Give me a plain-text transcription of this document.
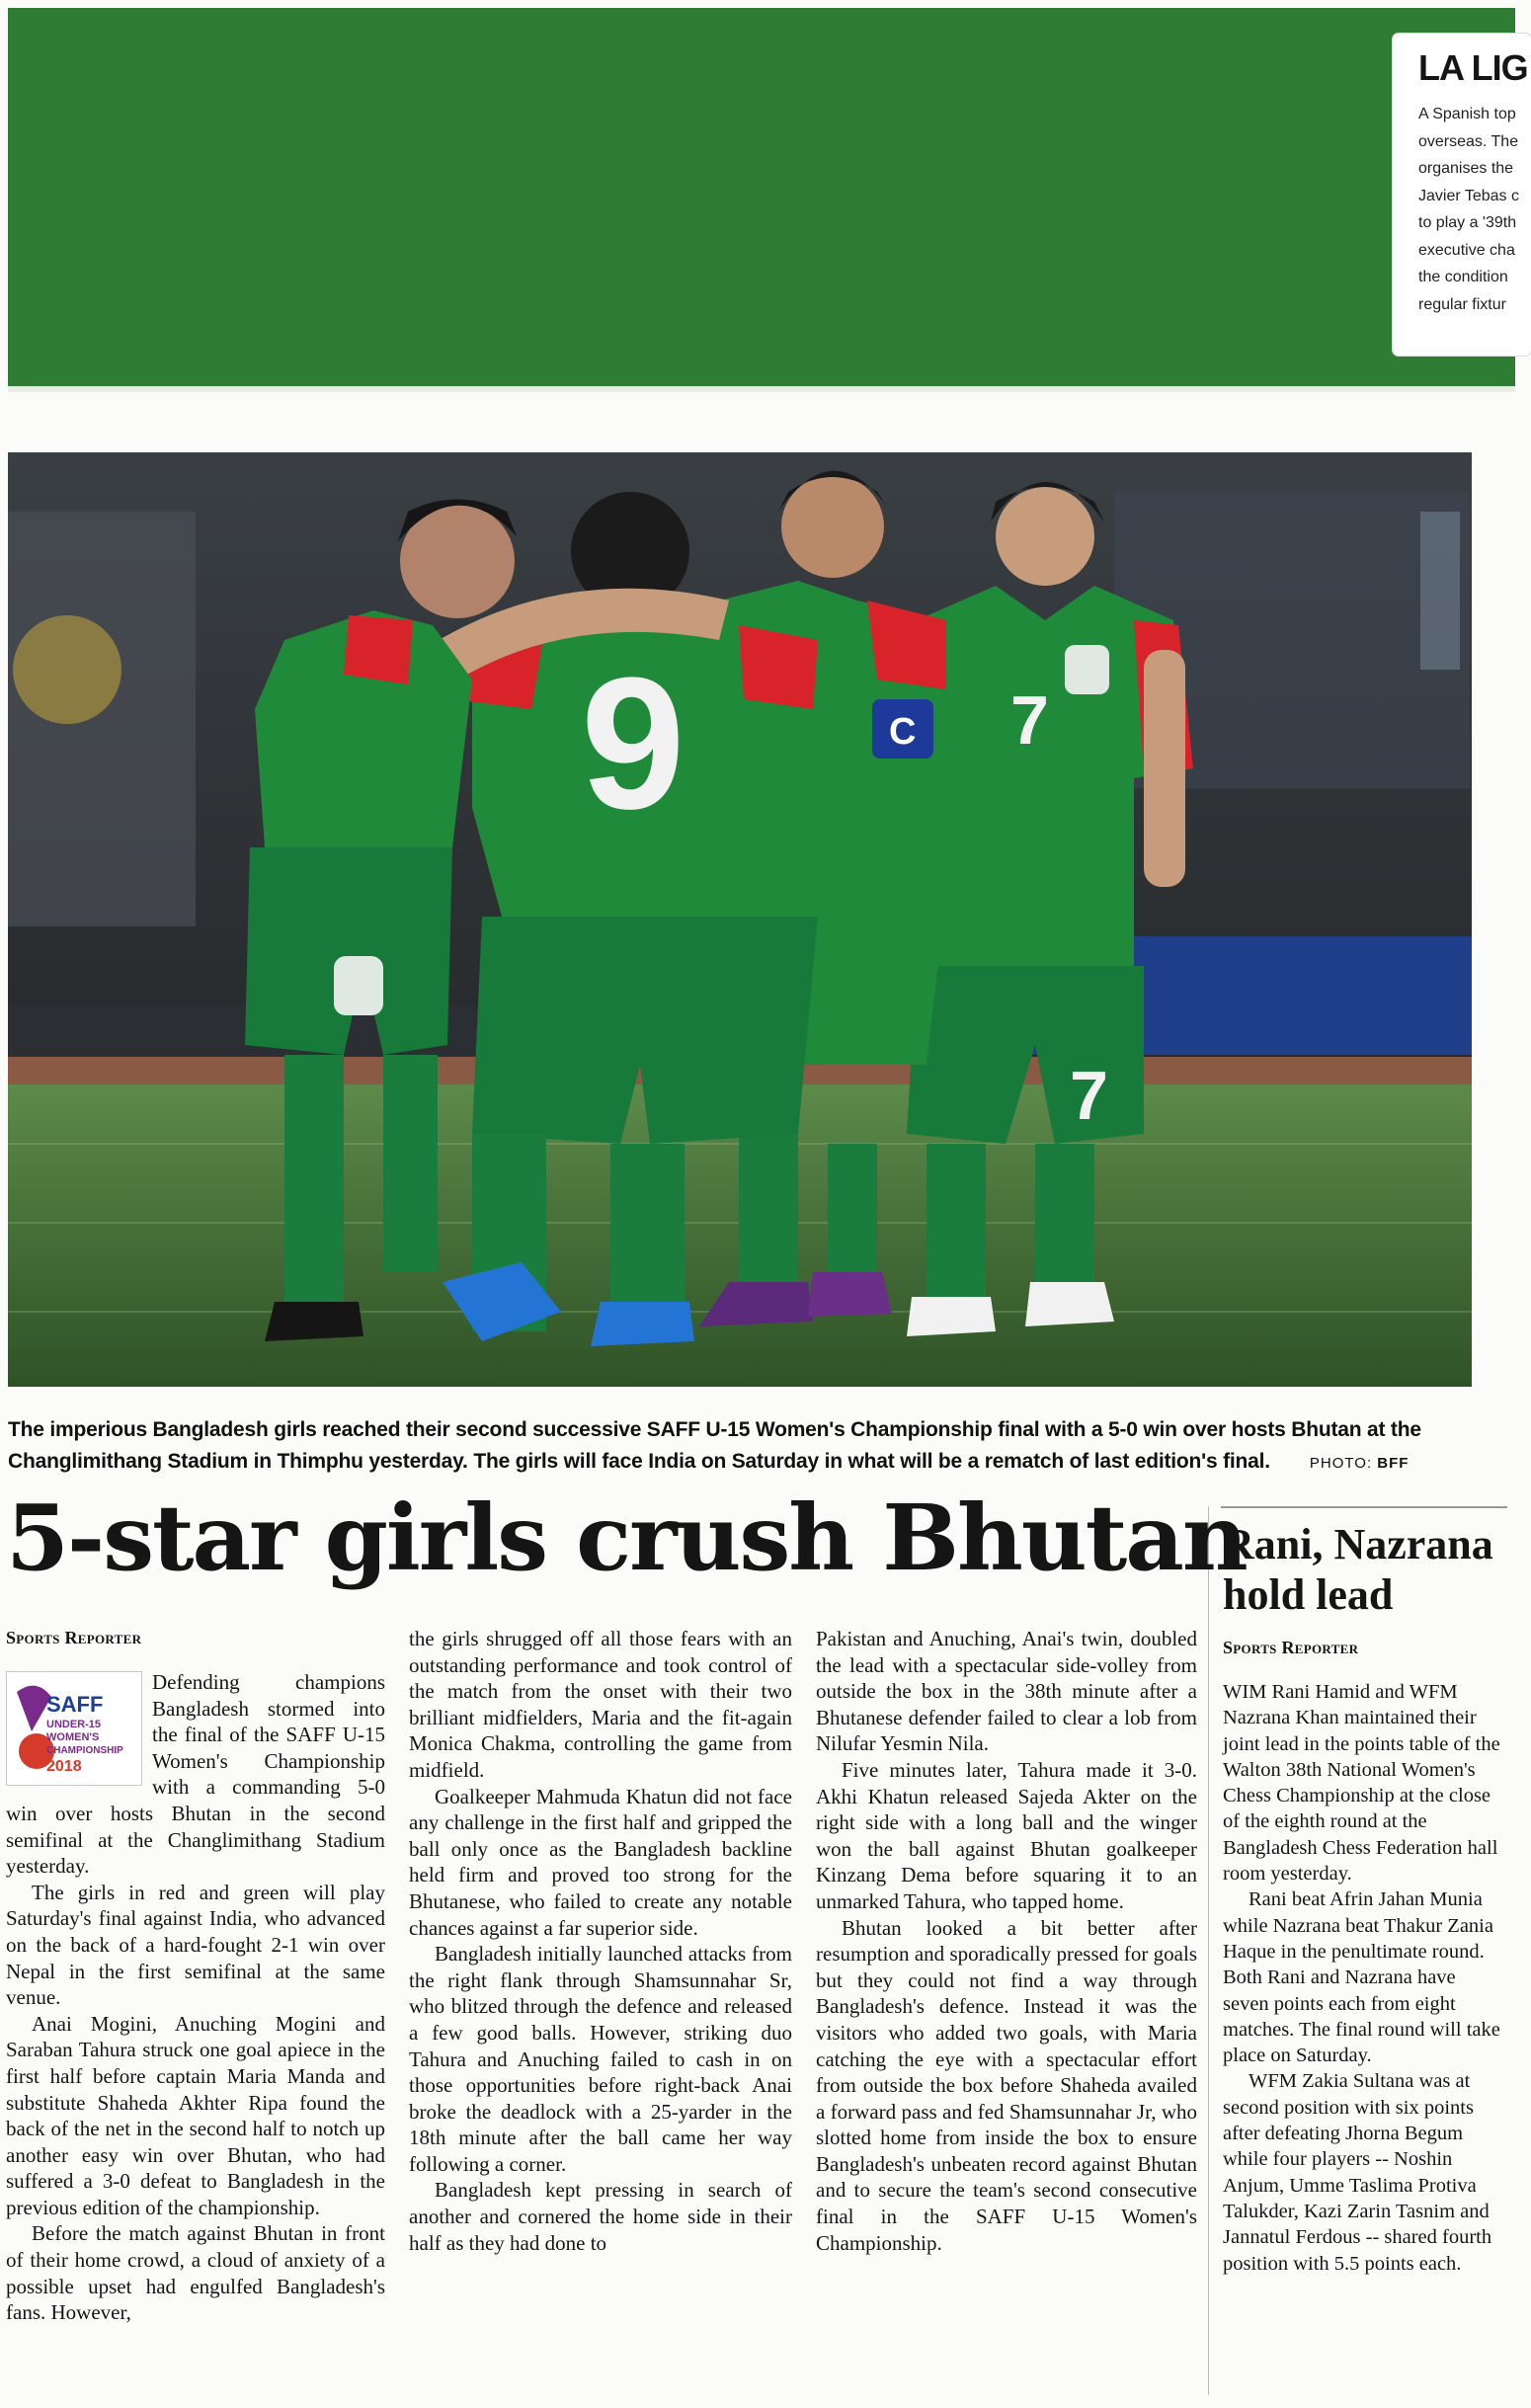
LA LIG
A Spanish top
overseas. The
organises the
Javier Tebas c
to play a '39th
executive cha
the condition
regular fixtur
7
7
C
9
The imperious Bangladesh girls reached their second successive SAFF U-15 Women's Championship final with a 5-0 win over hosts Bhutan at the Changlimithang Stadium in Thimphu yesterday. The girls will face India on Saturday in what will be a rematch of last edition's final.	PHOTO: BFF
5-star girls crush Bhutan
Rani, Nazrana hold lead
Sports Reporter	Sports Reporter
SAFF
UNDER-15
WOMEN'S
CHAMPIONSHIP
2018

Defending champions Bangladesh stormed into the final of the SAFF U-15 Women's Championship with a commanding 5-0 win over hosts Bhutan in the second semifinal at the Changlimithang Stadium yesterday.

The girls in red and green will play Saturday's final against India, who advanced on the back of a hard-fought 2-1 win over Nepal in the first semifinal at the same venue.

Anai Mogini, Anuching Mogini and Saraban Tahura struck one goal apiece in the first half before captain Maria Manda and substitute Shaheda Akhter Ripa found the back of the net in the second half to notch up another easy win over Bhutan, who had suffered a 3-0 defeat to Bangladesh in the previous edition of the championship.

Before the match against Bhutan in front of their home crowd, a cloud of anxiety of a possible upset had engulfed Bangladesh's fans. However,

the girls shrugged off all those fears with an outstanding performance and took control of the match from the onset with their two brilliant midfielders, Maria and the fit-again Monica Chakma, controlling the game from midfield.

Goalkeeper Mahmuda Khatun did not face any challenge in the first half and gripped the ball only once as the Bangladesh backline held firm and proved too strong for the Bhutanese, who failed to create any notable chances against a far superior side.

Bangladesh initially launched attacks from the right flank through Shamsunnahar Sr, who blitzed through the defence and released a few good balls. However, striking duo Tahura and Anuching failed to cash in on those opportunities before right-back Anai broke the deadlock with a 25-yarder in the 18th minute after the ball came her way following a corner.

Bangladesh kept pressing in search of another and cornered the home side in their half as they had done to

Pakistan and Anuching, Anai's twin, doubled the lead with a spectacular side-volley from outside the box in the 38th minute after a Bhutanese defender failed to clear a lob from Nilufar Yesmin Nila.

Five minutes later, Tahura made it 3-0. Akhi Khatun released Sajeda Akter on the right side with a long ball and the winger won the ball against Bhutan goalkeeper Kinzang Dema before squaring it to an unmarked Tahura, who tapped home.

Bhutan looked a bit better after resumption and sporadically pressed for goals but they could not find a way through Bangladesh's defence. Instead it was the visitors who added two goals, with Maria catching the eye with a spectacular effort from outside the box before Shaheda availed a forward pass and fed Shamsunnahar Jr, who slotted home from inside the box to ensure Bangladesh's unbeaten record against Bhutan and to secure the team's second consecutive final in the SAFF U-15 Women's Championship.

WIM Rani Hamid and WFM Nazrana Khan maintained their joint lead in the points table of the Walton 38th National Women's Chess Championship at the close of the eighth round at the Bangladesh Chess Federation hall room yesterday.

Rani beat Afrin Jahan Munia while Nazrana beat Thakur Zania Haque in the penultimate round. Both Rani and Nazrana have seven points each from eight matches. The final round will take place on Saturday.

WFM Zakia Sultana was at second position with six points after defeating Jhorna Begum while four players -- Noshin Anjum, Umme Taslima Protiva Talukder, Kazi Zarin Tasnim and Jannatul Ferdous -- shared fourth position with 5.5 points each.
